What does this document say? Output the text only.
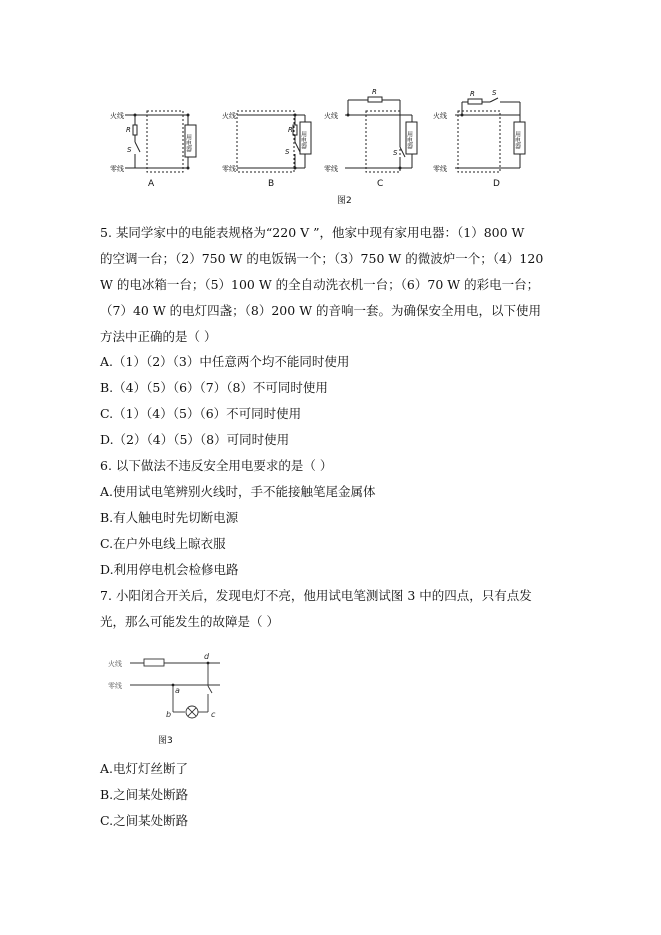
火线
零线
R
S
火线
零线
R
S
火线
零线
R
S
火线
零线
R S
用电器	用电器	用电器	用电器
A	B	C	D
图2
5. 某同学家中的电能表规格为“220 V ”，他家中现有家用电器：（1）800 W
的空调一台；（2）750 W 的电饭锅一个；（3）750 W 的微波炉一个；（4）120
W 的电冰箱一台；（5）100 W 的全自动洗衣机一台；（6）70 W 的彩电一台；
（7）40 W 的电灯四盏；（8）200 W 的音响一套。为确保安全用电，以下使用
方法中正确的是（ ）
A.（1）（2）（3）中任意两个均不能同时使用
B.（4）（5）（6）（7）（8）不可同时使用
C.（1）（4）（5）（6）不可同时使用
D.（2）（4）（5）（8）可同时使用
6. 以下做法不违反安全用电要求的是（ ）
A.使用试电笔辨别火线时，手不能接触笔尾金属体
B.有人触电时先切断电源
C.在户外电线上晾衣服
D.利用停电机会检修电路
7. 小阳闭合开关后，发现电灯不亮，他用试电笔测试图 3 中的四点，只有点发
光，那么可能发生的故障是（ ）
火线
零线	a
b	c
d
图3
A.电灯灯丝断了
B.之间某处断路
C.之间某处断路
